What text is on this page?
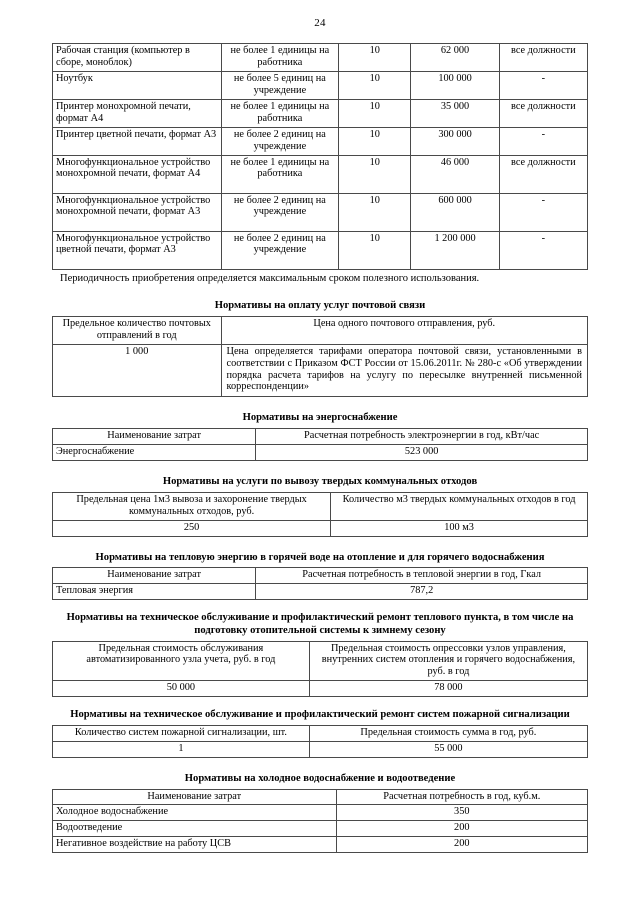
24
Рабочая станция (компьютер в сборе, моноблок)	не более 1 единицы на работника	10	62 000	все должности
Ноутбук	не более 5 единиц на учреждение	10	100 000	-
Принтер монохромной печати, формат А4	не более 1 единицы на работника	10	35 000	все должности
Принтер цветной печати, формат А3	не более 2 единиц на учреждение	10	300 000	-
Многофункциональное устройство монохромной печати, формат А4	не более 1 единицы на работника	10	46 000	все должности
Многофункциональное устройство монохромной печати, формат А3	не более 2 единиц на учреждение	10	600 000	-
Многофункциональное устройство цветной печати, формат А3	не более 2 единиц на учреждение	10	1 200 000	-
Периодичность приобретения определяется максимальным сроком полезного использования.
Нормативы на оплату услуг почтовой связи
Предельное количество почтовых отправлений в год	Цена одного почтового отправления, руб.
1 000	Цена определяется тарифами оператора почтовой связи, установленными в соответствии с Приказом ФСТ России от 15.06.2011г. № 280-с «Об утверждении порядка расчета тарифов на услугу по пересылке внутренней письменной корреспонденции»
Нормативы на энергоснабжение
Наименование затрат	Расчетная потребность электроэнергии в год, кВт/час
Энергоснабжение	523 000
Нормативы на услуги по вывозу твердых коммунальных отходов
Предельная цена 1м3 вывоза и захоронение твердых коммунальных отходов, руб.	Количество м3 твердых коммунальных отходов в год
250	100 м3
Нормативы на тепловую энергию в горячей воде на отопление и для горячего водоснабжения
Наименование затрат	Расчетная потребность в тепловой энергии в год, Гкал
Тепловая энергия	787,2
Нормативы на техническое обслуживание и профилактический ремонт теплового пункта, в том числе на подготовку отопительной системы к зимнему сезону
Предельная стоимость обслуживания автоматизированного узла учета, руб. в год	Предельная стоимость опрессовки узлов управления, внутренних систем отопления и горячего водоснабжения, руб. в год
50 000	78 000
Нормативы на техническое обслуживание и профилактический ремонт систем пожарной сигнализации
Количество систем пожарной сигнализации, шт.	Предельная стоимость сумма в год, руб.
1	55 000
Нормативы на холодное водоснабжение и водоотведение
Наименование затрат	Расчетная потребность в год, куб.м.
Холодное водоснабжение	350
Водоотведение	200
Негативное воздействие на работу ЦСВ	200
